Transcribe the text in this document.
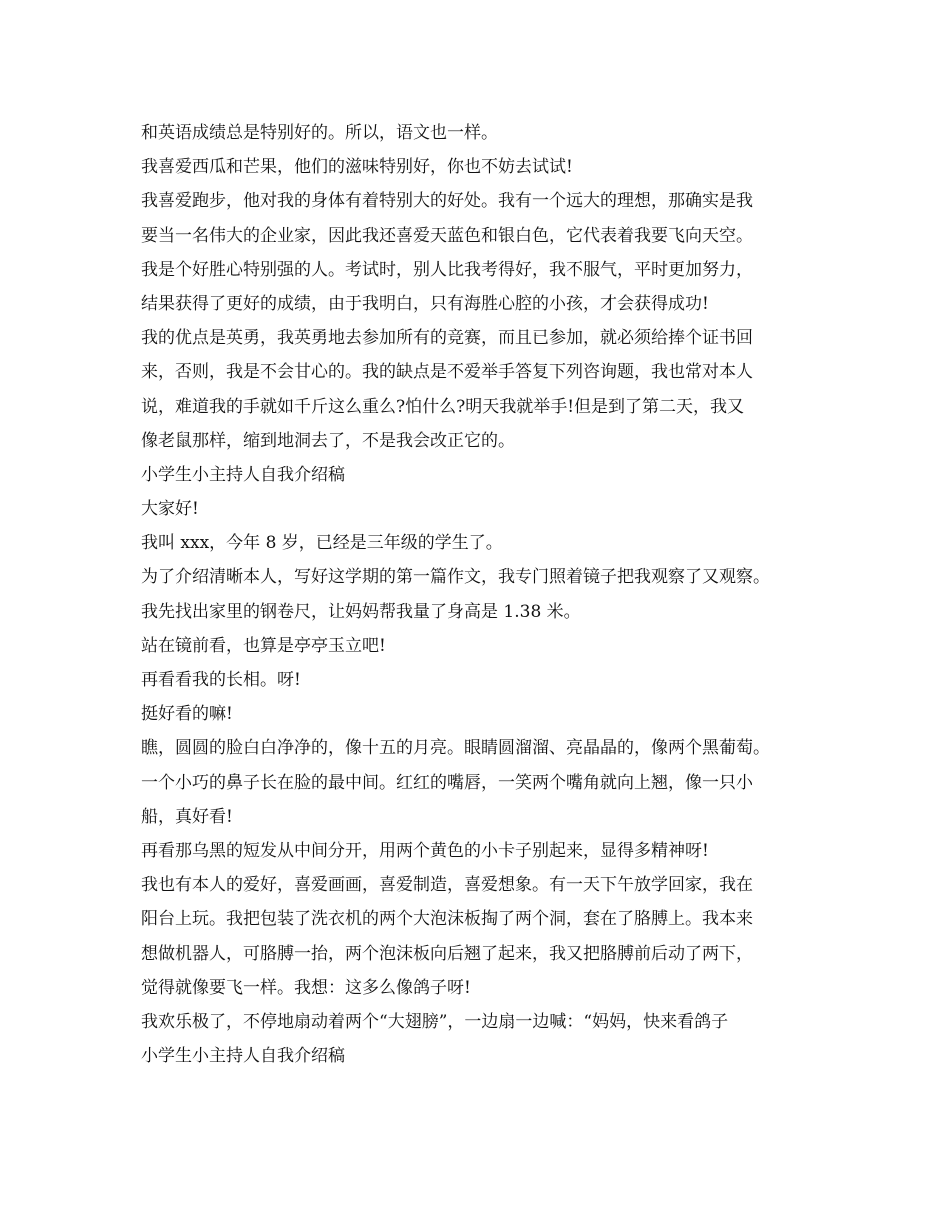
和英语成绩总是特别好的。所以，语文也一样。
我喜爱西瓜和芒果，他们的滋味特别好，你也不妨去试试!
我喜爱跑步，他对我的身体有着特别大的好处。我有一个远大的理想，那确实是我
要当一名伟大的企业家，因此我还喜爱天蓝色和银白色，它代表着我要飞向天空。
我是个好胜心特别强的人。考试时，别人比我考得好，我不服气，平时更加努力，
结果获得了更好的成绩，由于我明白，只有海胜心腔的小孩，才会获得成功!
我的优点是英勇，我英勇地去参加所有的竞赛，而且已参加，就必须给捧个证书回
来，否则，我是不会甘心的。我的缺点是不爱举手答复下列咨询题，我也常对本人
说，难道我的手就如千斤这么重么?怕什么?明天我就举手!但是到了第二天，我又
像老鼠那样，缩到地洞去了，不是我会改正它的。
小学生小主持人自我介绍稿
大家好!
我叫 xxx，今年 8 岁，已经是三年级的学生了。
为了介绍清晰本人，写好这学期的第一篇作文，我专门照着镜子把我观察了又观察。
我先找出家里的钢卷尺，让妈妈帮我量了身高是 1.38 米。
站在镜前看，也算是亭亭玉立吧!
再看看我的长相。呀!
挺好看的嘛!
瞧，圆圆的脸白白净净的，像十五的月亮。眼睛圆溜溜、亮晶晶的，像两个黑葡萄。
一个小巧的鼻子长在脸的最中间。红红的嘴唇，一笑两个嘴角就向上翘，像一只小
船，真好看!
再看那乌黑的短发从中间分开，用两个黄色的小卡子别起来，显得多精神呀!
我也有本人的爱好，喜爱画画，喜爱制造，喜爱想象。有一天下午放学回家，我在
阳台上玩。我把包装了洗衣机的两个大泡沫板掏了两个洞，套在了胳膊上。我本来
想做机器人，可胳膊一抬，两个泡沫板向后翘了起来，我又把胳膊前后动了两下，
觉得就像要飞一样。我想：这多么像鸽子呀!
我欢乐极了，不停地扇动着两个“大翅膀”，一边扇一边喊：“妈妈，快来看鸽子
小学生小主持人自我介绍稿
